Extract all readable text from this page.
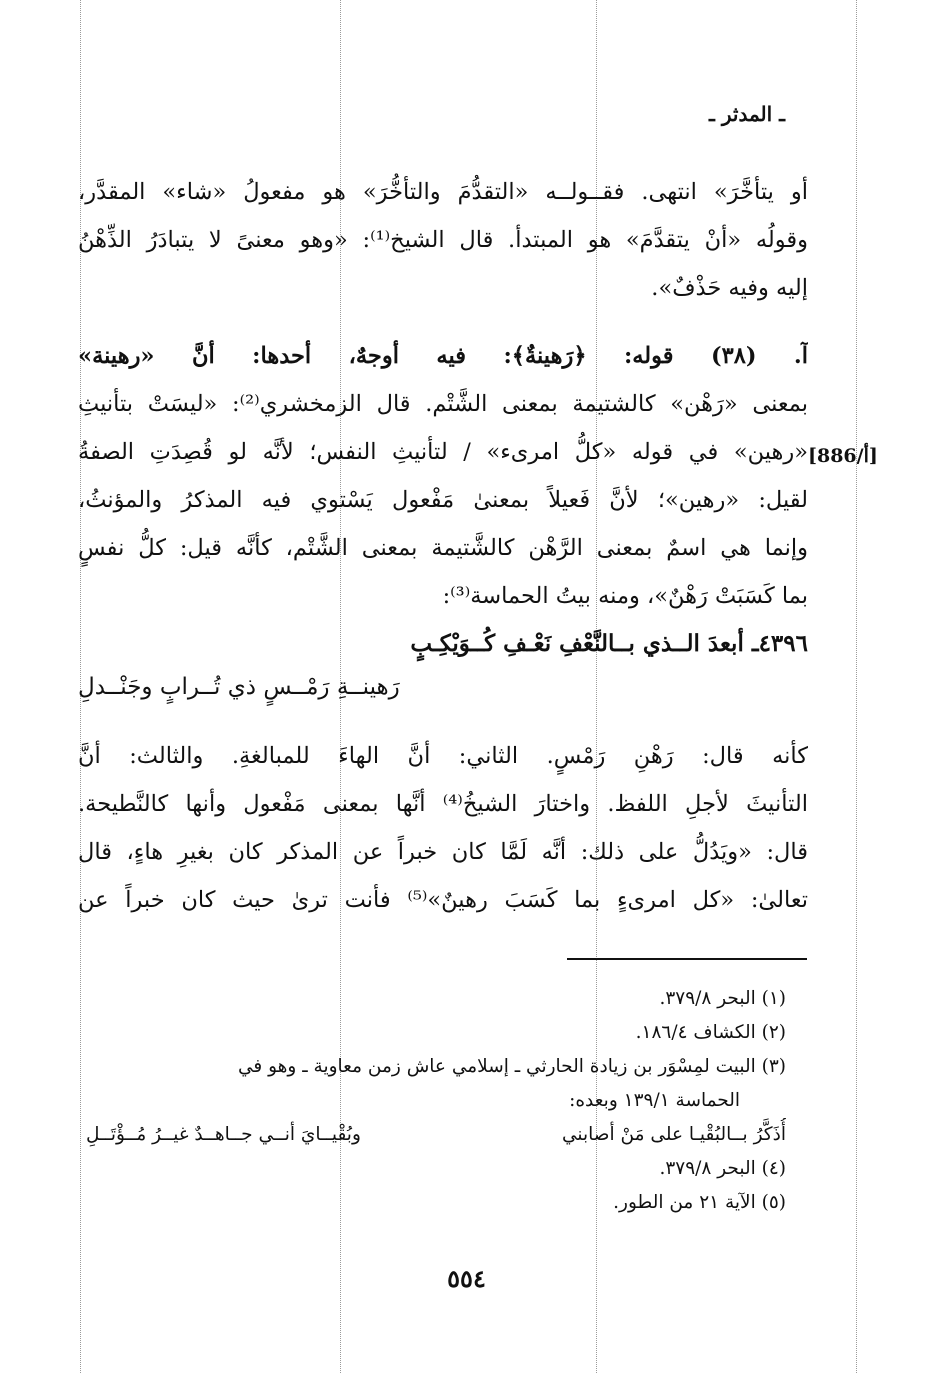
ـ المدثر ـ
أو يتأخَّرَ» انتهى. فقــولــه «التقدُّمَ والتأخُّرَ» هو مفعولُ «شاء» المقدَّر،
وقولُه «أنْ يتقدَّمَ» هو المبتدأ. قال الشيخ⁽¹⁾: «وهو معنىً لا يتبادَرُ الذِّهْنُ
إليه وفيه حَذْفٌ».
آ. (٣٨) قوله: ﴿رَهينةٌ﴾: فيه أوجهٌ، أحدها: أنَّ «رهينة»
بمعنى «رَهْن» كالشتيمة بمعنى الشَّتْم. قال الزمخشري⁽²⁾: «ليسَتْ بتأنيثِ
«رهين» في قوله «كلُّ امرىء» / لتأنيثِ النفس؛ لأنَّه لو قُصِدَتِ الصفةُ
لقيل: «رهين»؛ لأنَّ فَعيلاً بمعنىٰ مَفْعول يَسْتوي فيه المذكرُ والمؤنثُ،
وإنما هي اسمٌ بمعنى الرَّهْن كالشَّتيمة بمعنى الشَّتْم، كأنَّه قيل: كلُّ نفسٍ
بما كَسَبَتْ رَهْنٌ»، ومنه بيتُ الحماسة⁽³⁾:
[886/أ]
٤٣٩٦ـ أبعدَ الــذي بــالنَّعْفِ نَعْـفِ كُــوَيْكِـبٍ
رَهينــةِ رَمْــسٍ ذي تُــرابٍ وجَنْــدلِ
كأنه قال: رَهْنِ رَمْسٍ. الثاني: أنَّ الهاءَ للمبالغةِ. والثالث: أنَّ
التأنيثَ لأجلِ اللفظ. واختارَ الشيخُ⁽⁴⁾ أنَّها بمعنى مَفْعول وأنها كالنَّطيحة.
قال: «ويَدُلُّ على ذلك: أنَّه لَمَّا كان خبراً عن المذكر كان بغيرِ هاءٍ، قال
تعالىٰ: «كل امرىءٍ بما كَسَبَ رهينٌ»⁽⁵⁾ فأنت ترىٰ حيث كان خبراً عن
(١) البحر ٣٧٩/٨.
(٢) الكشاف ١٨٦/٤.
(٣) البيت لمِسْوَر بن زيادة الحارثي ـ إسلامي عاش زمن معاوية ـ وهو في
الحماسة ١٣٩/١ وبعده:
أُذَكَّرُ بــالبُقْيـا على مَنْ أصابني
وبُقْيــايَ أنــي جــاهــدٌ غيــرُ مُــؤْتَــلِ
(٤) البحر ٣٧٩/٨.
(٥) الآية ٢١ من الطور.
٥٥٤
